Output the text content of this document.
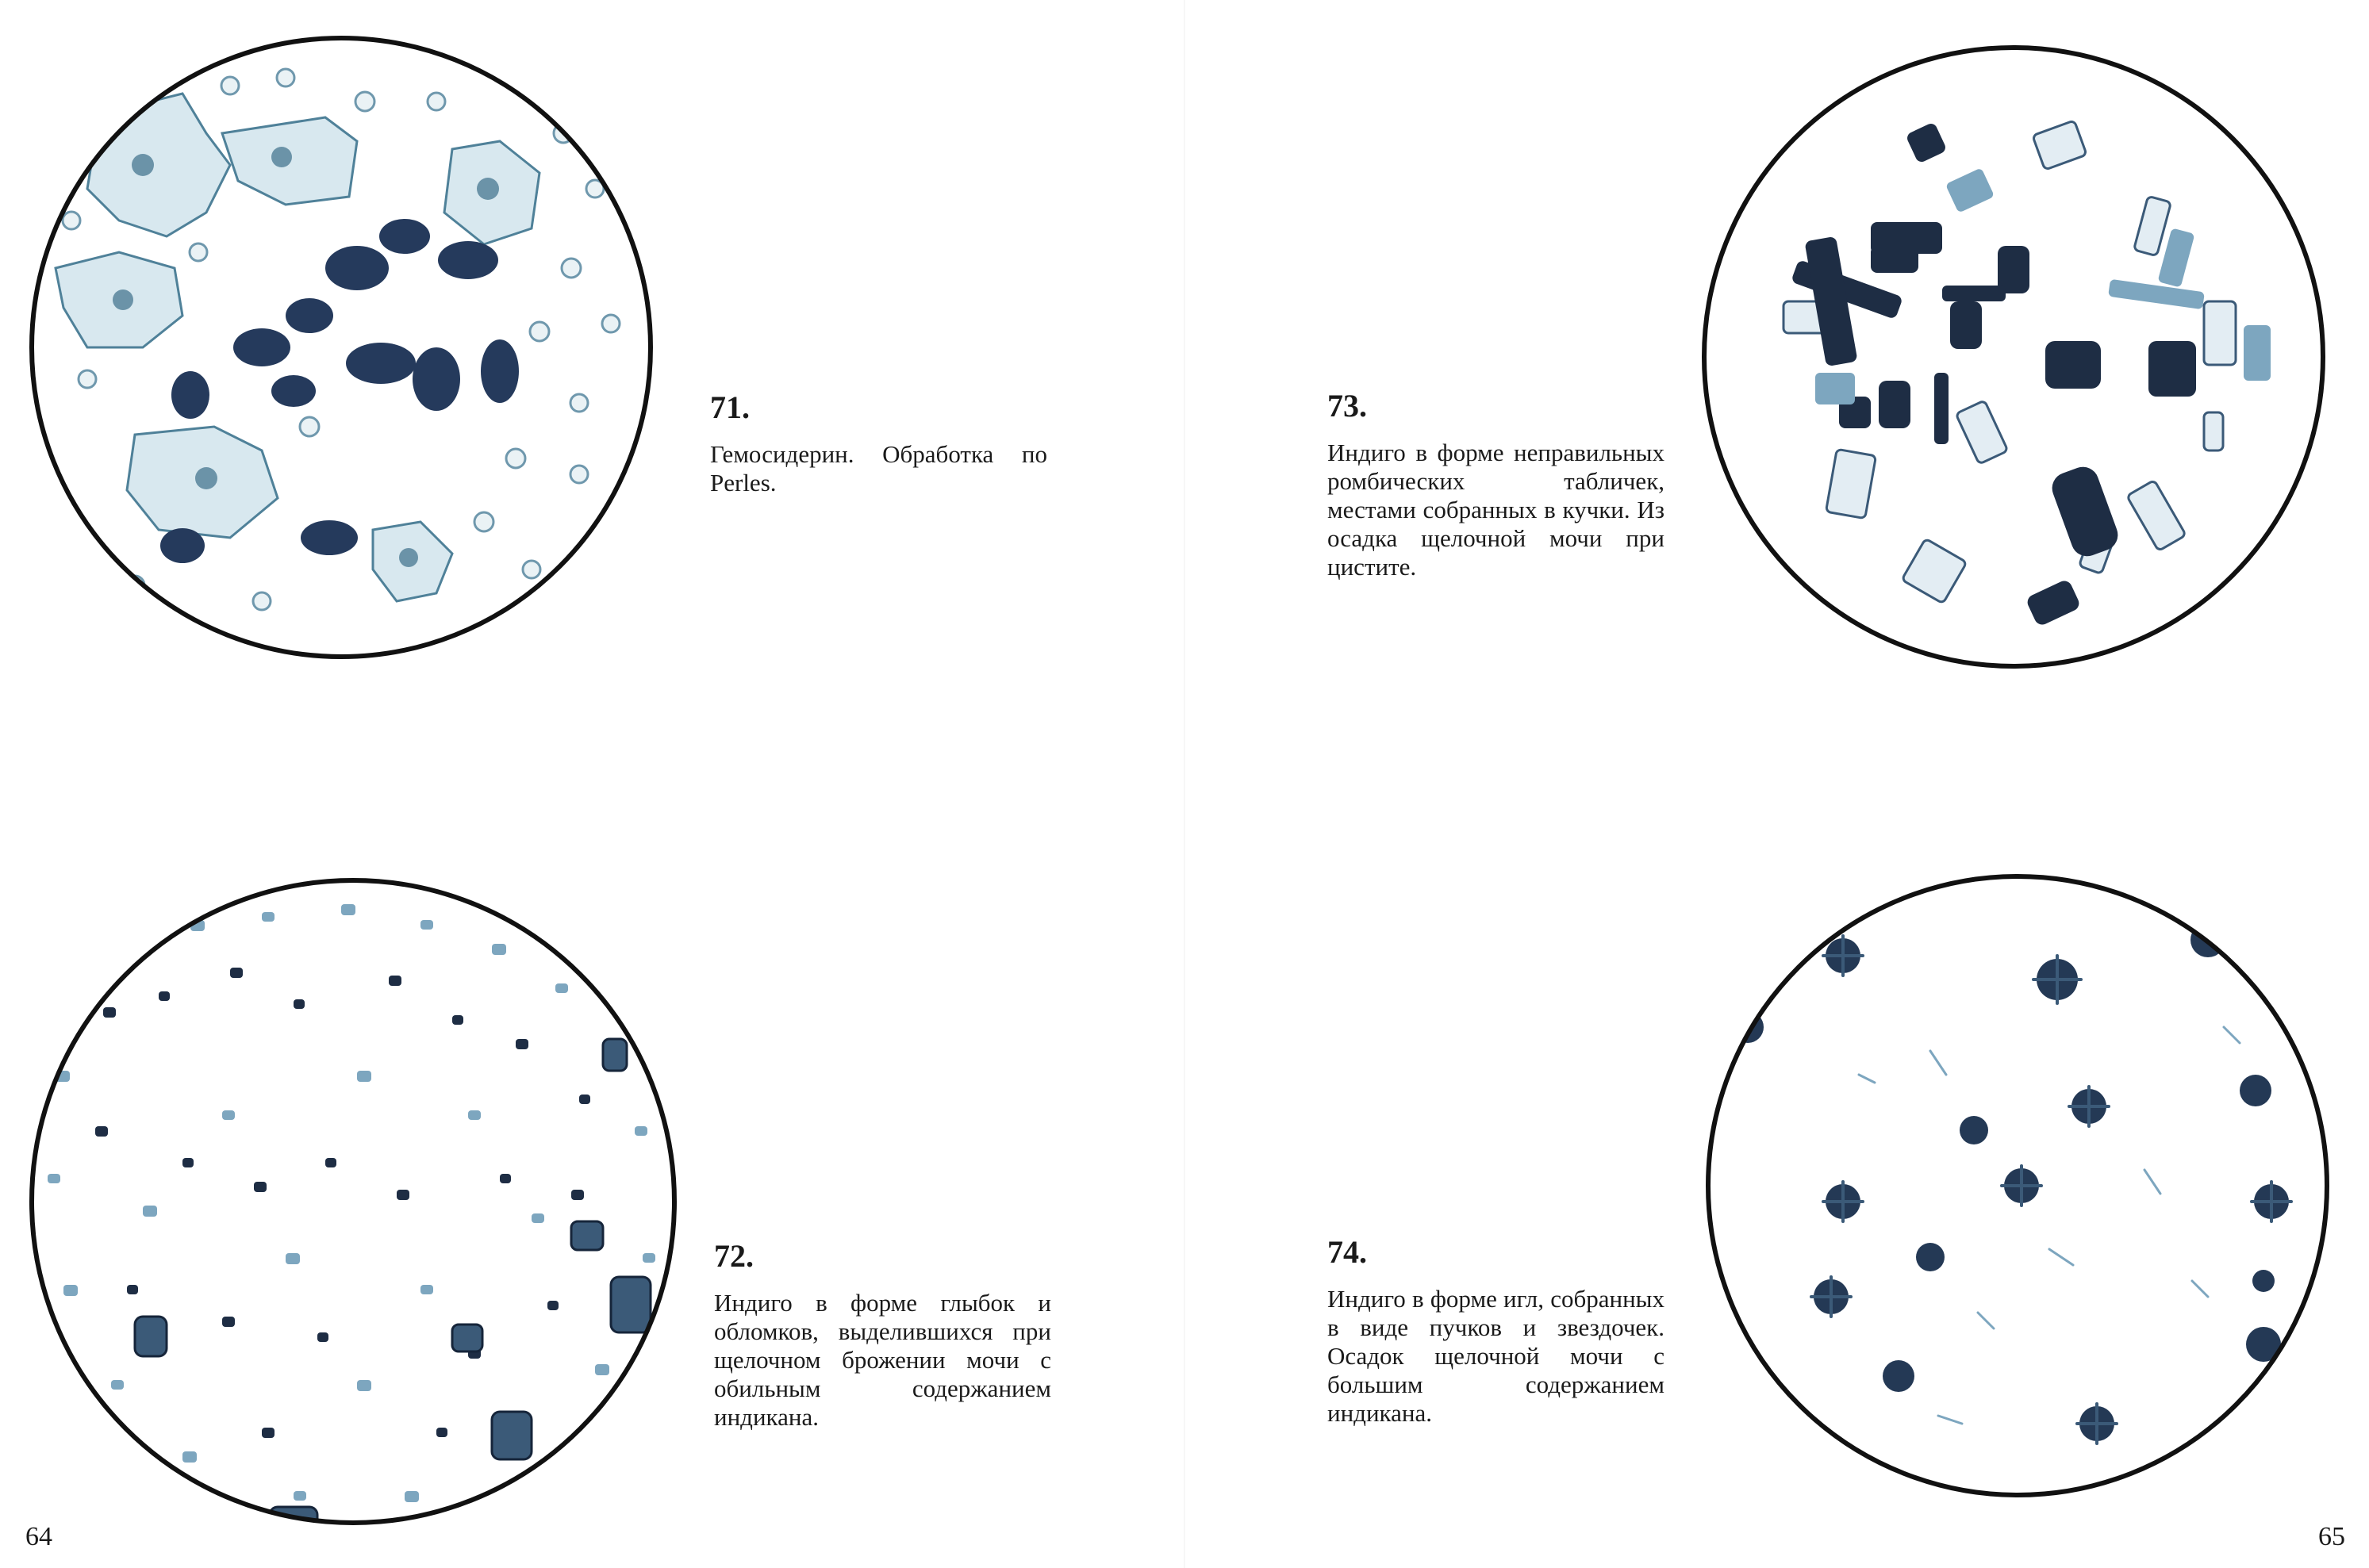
71.
Гемосидерин. Обработка по Perles.
72.
Индиго в форме глыбок и обломков, выделившихся при щелочном брожении мочи с обильным содержанием индикана.
64
73.
Индиго в форме неправильных ромбических табличек, местами собранных в кучки. Из осадка щелочной мочи при цистите.
74.
Индиго в форме игл, собранных в виде пучков и звездочек. Осадок щелочной мочи с большим содержанием индикана.
65
